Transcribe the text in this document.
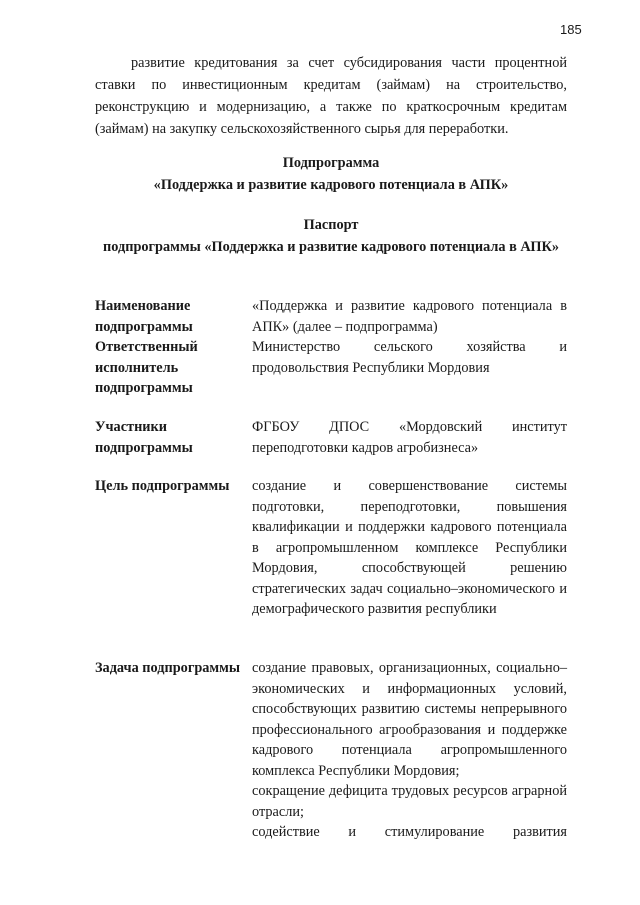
185
развитие кредитования за счет субсидирования части процентной ставки по инвестиционным кредитам (займам) на строительство, реконструкцию и модернизацию, а также по краткосрочным кредитам (займам) на закупку сельскохозяйственного сырья для переработки.
Подпрограмма
«Поддержка и развитие кадрового потенциала в АПК»
Паспорт
подпрограммы «Поддержка и развитие кадрового потенциала в АПК»
Наименование подпрограммы

«Поддержка и развитие кадрового потенциала в АПК» (далее – подпрограмма)

Ответственный исполнитель подпрограммы

Министерство сельского хозяйства и продовольствия Республики Мордовия

Участники подпрограммы

ФГБОУ ДПОС «Мордовский институт переподготовки кадров агробизнеса»

Цель подпрограммы	создание и совершенствование системы подготовки, переподготовки, повышения квалификации и поддержки кадрового потенциала в агропромышленном комплексе Республики Мордовия, способствующей решению стратегических задач социально–экономического и демографического развития республики

Задача подпрограммы создание правовых, организационных, социально–экономических и информационных условий, способствующих развитию системы непрерывного профессионального агрообразования и поддержке кадрового потенциала агропромышленного комплекса Республики Мордовия;

сокращение дефицита трудовых ресурсов аграрной отрасли;

содействие и стимулирование развития
